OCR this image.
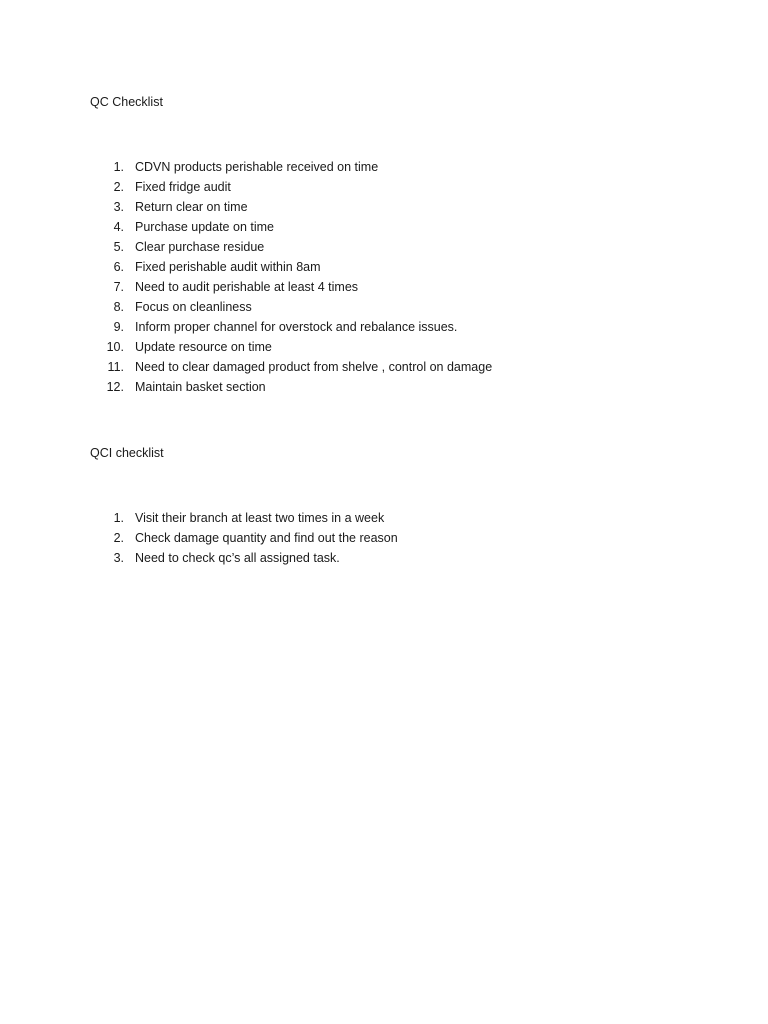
QC Checklist
1. CDVN products perishable received on time
2. Fixed fridge audit
3. Return clear on time
4. Purchase update on time
5. Clear purchase residue
6. Fixed perishable audit within 8am
7. Need to audit perishable at least 4 times
8. Focus on cleanliness
9. Inform proper channel for overstock and rebalance issues.
10. Update resource on time
11. Need to clear damaged product from shelve , control on damage
12. Maintain basket section
QCI checklist
1. Visit their branch at least two times in a week
2. Check damage quantity and find out the reason
3. Need to check qc’s all assigned task.
